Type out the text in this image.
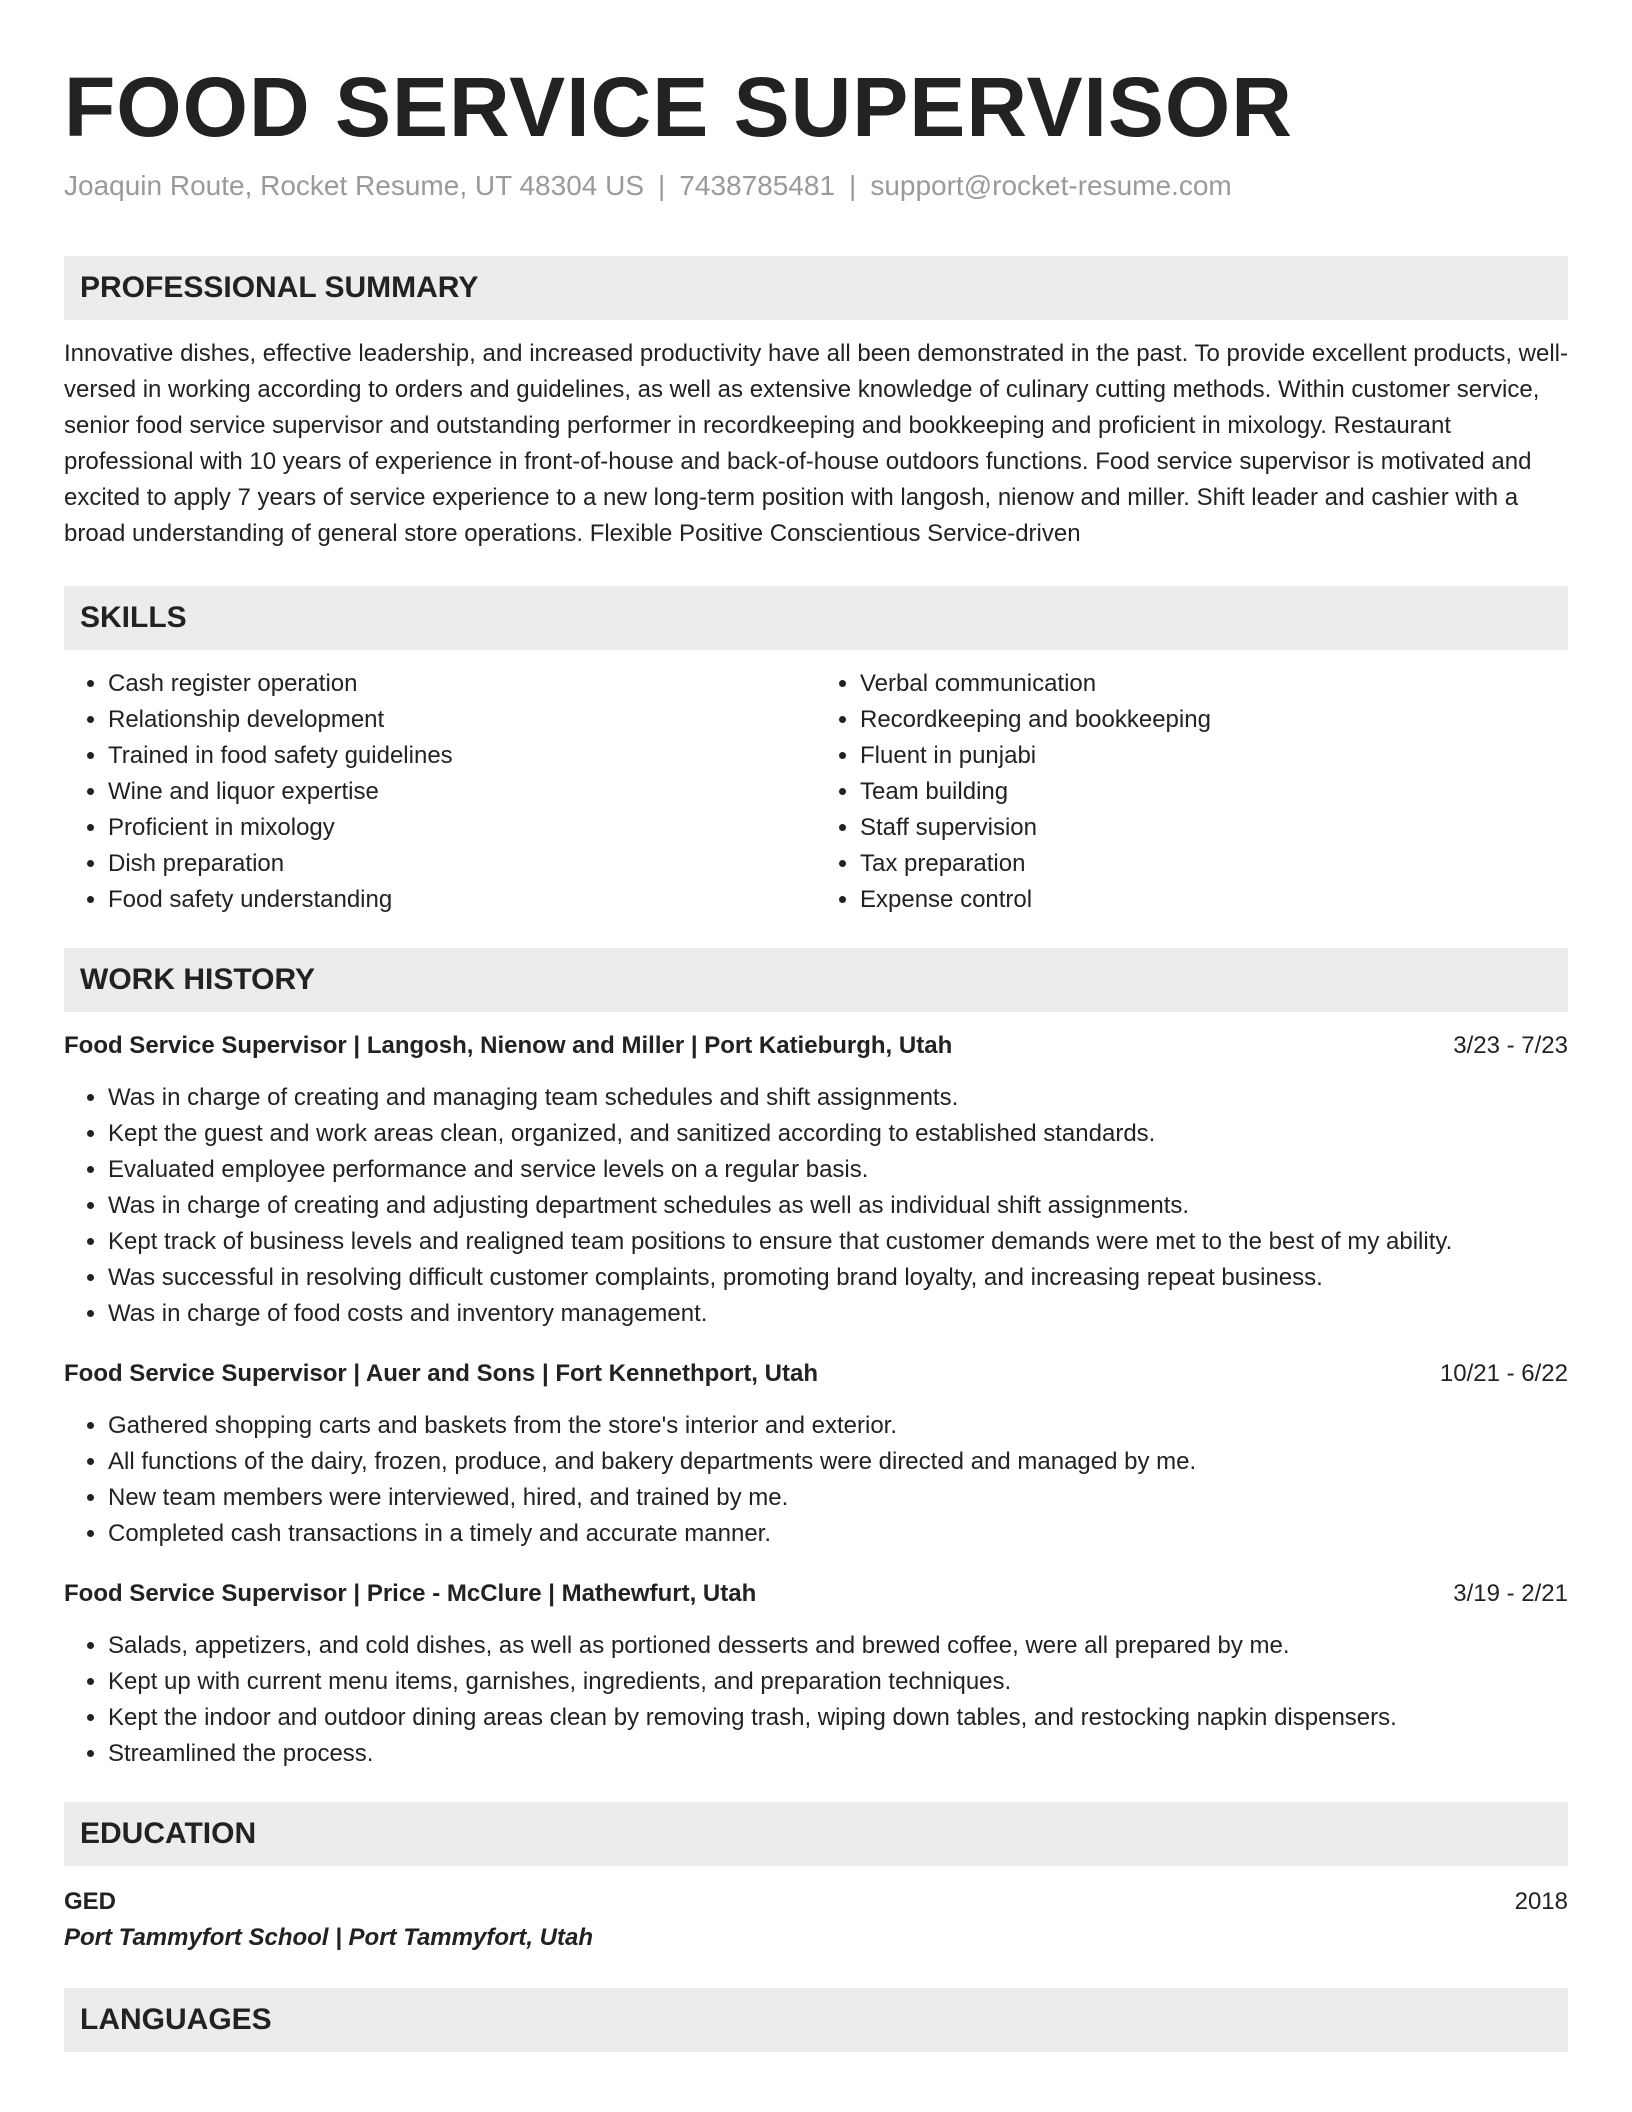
FOOD SERVICE SUPERVISOR
Joaquin Route, Rocket Resume, UT 48304 US | 7438785481 | support@rocket-resume.com
PROFESSIONAL SUMMARY

Innovative dishes, effective leadership, and increased productivity have all been demonstrated in the past. To provide excellent products, well-versed in working according to orders and guidelines, as well as extensive knowledge of culinary cutting methods. Within customer service, senior food service supervisor and outstanding performer in recordkeeping and bookkeeping and proficient in mixology. Restaurant professional with 10 years of experience in front-of-house and back-of-house outdoors functions. Food service supervisor is motivated and excited to apply 7 years of service experience to a new long-term position with langosh, nienow and miller. Shift leader and cashier with a broad understanding of general store operations. Flexible Positive Conscientious Service-driven

SKILLS
• Cash register operation
• Relationship development
• Trained in food safety guidelines
• Wine and liquor expertise
• Proficient in mixology
• Dish preparation
• Food safety understanding
• Verbal communication
• Recordkeeping and bookkeeping
• Fluent in punjabi
• Team building
• Staff supervision
• Tax preparation
• Expense control
WORK HISTORY
Food Service Supervisor | Langosh, Nienow and Miller | Port Katieburgh, Utah	3/23 - 7/23
• Was in charge of creating and managing team schedules and shift assignments.
• Kept the guest and work areas clean, organized, and sanitized according to established standards.
• Evaluated employee performance and service levels on a regular basis.
• Was in charge of creating and adjusting department schedules as well as individual shift assignments.
• Kept track of business levels and realigned team positions to ensure that customer demands were met to the best of my ability.
• Was successful in resolving difficult customer complaints, promoting brand loyalty, and increasing repeat business.
• Was in charge of food costs and inventory management.
Food Service Supervisor | Auer and Sons | Fort Kennethport, Utah	10/21 - 6/22
• Gathered shopping carts and baskets from the store's interior and exterior.
• All functions of the dairy, frozen, produce, and bakery departments were directed and managed by me.
• New team members were interviewed, hired, and trained by me.
• Completed cash transactions in a timely and accurate manner.
Food Service Supervisor | Price - McClure | Mathewfurt, Utah	3/19 - 2/21
• Salads, appetizers, and cold dishes, as well as portioned desserts and brewed coffee, were all prepared by me.
• Kept up with current menu items, garnishes, ingredients, and preparation techniques.
• Kept the indoor and outdoor dining areas clean by removing trash, wiping down tables, and restocking napkin dispensers.
• Streamlined the process.
EDUCATION
GED	2018
Port Tammyfort School | Port Tammyfort, Utah
LANGUAGES
